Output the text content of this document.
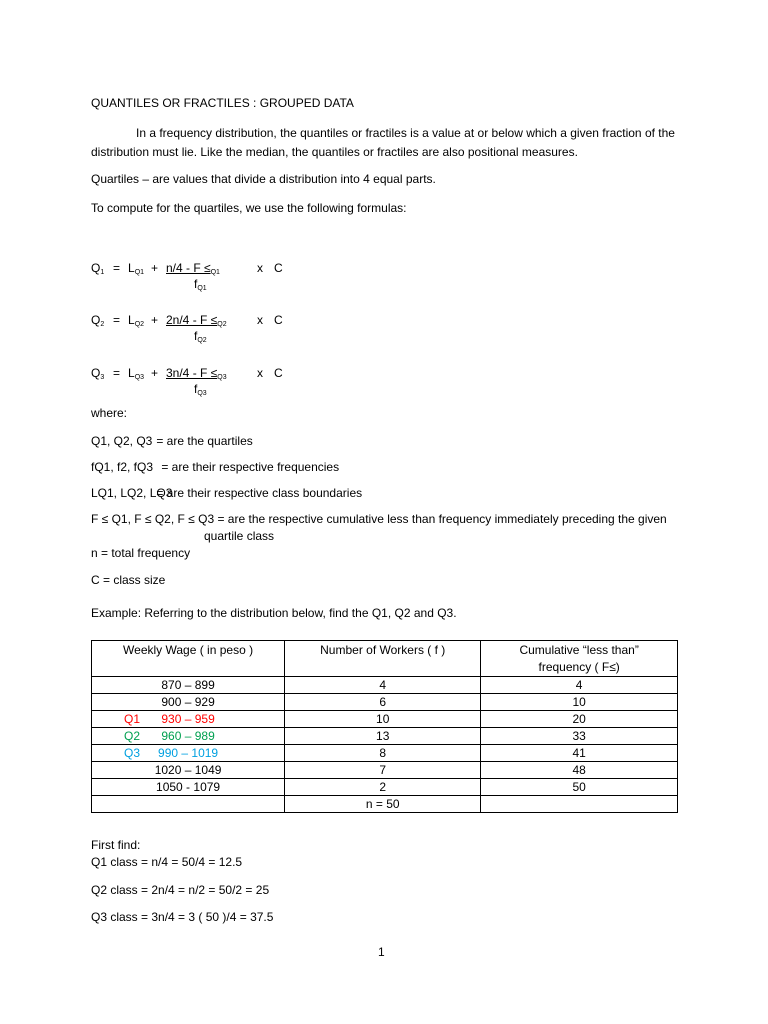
QUANTILES OR FRACTILES : GROUPED DATA
In a frequency distribution, the quantiles or fractiles is a value at or below which a given fraction of the distribution must lie. Like the median, the quantiles or fractiles are also positional measures.
Quartiles – are values that divide a distribution into 4 equal parts.
To compute for the quartiles, we use the following formulas:
$Q_1 = L_{Q1} + n/4 - F \le_{Q1}$	x C
$f_{Q1}$
$Q_2 = L_{Q2} + 2n/4 - F \le_{Q2}$	x C
$f_{Q2}$
$Q_3 = L_{Q3} + 3n/4 - F \le_{Q3}$	x C
$f_{Q3}$
where:
Q1, Q2, Q3 = are the quartiles
fQ1, f2, fQ3 = are their respective frequencies
LQ1, LQ2, LQ3 = are their respective class boundaries
F ≤ Q1, F ≤ Q2, F ≤ Q3 = are the respective cumulative less than frequency immediately preceding the given
quartile class
n = total frequency
C = class size
Example: Referring to the distribution below, find the Q1, Q2 and Q3.
Weekly Wage ( in peso )	Number of Workers ( f )	Cumulative “less than” frequency ( F≤)

870 – 899	4	4
900 – 929	6	10

Q1 930 – 959	10	20

Q2 960 – 989	13	33

Q3 990 – 1019	8	41
1020 – 1049	7	48
1050 - 1079	2	50
	n = 50	
First find:
Q1 class = n/4 = 50/4 = 12.5
Q2 class = 2n/4 = n/2 = 50/2 = 25
Q3 class = 3n/4 = 3 ( 50 )/4 = 37.5
1
